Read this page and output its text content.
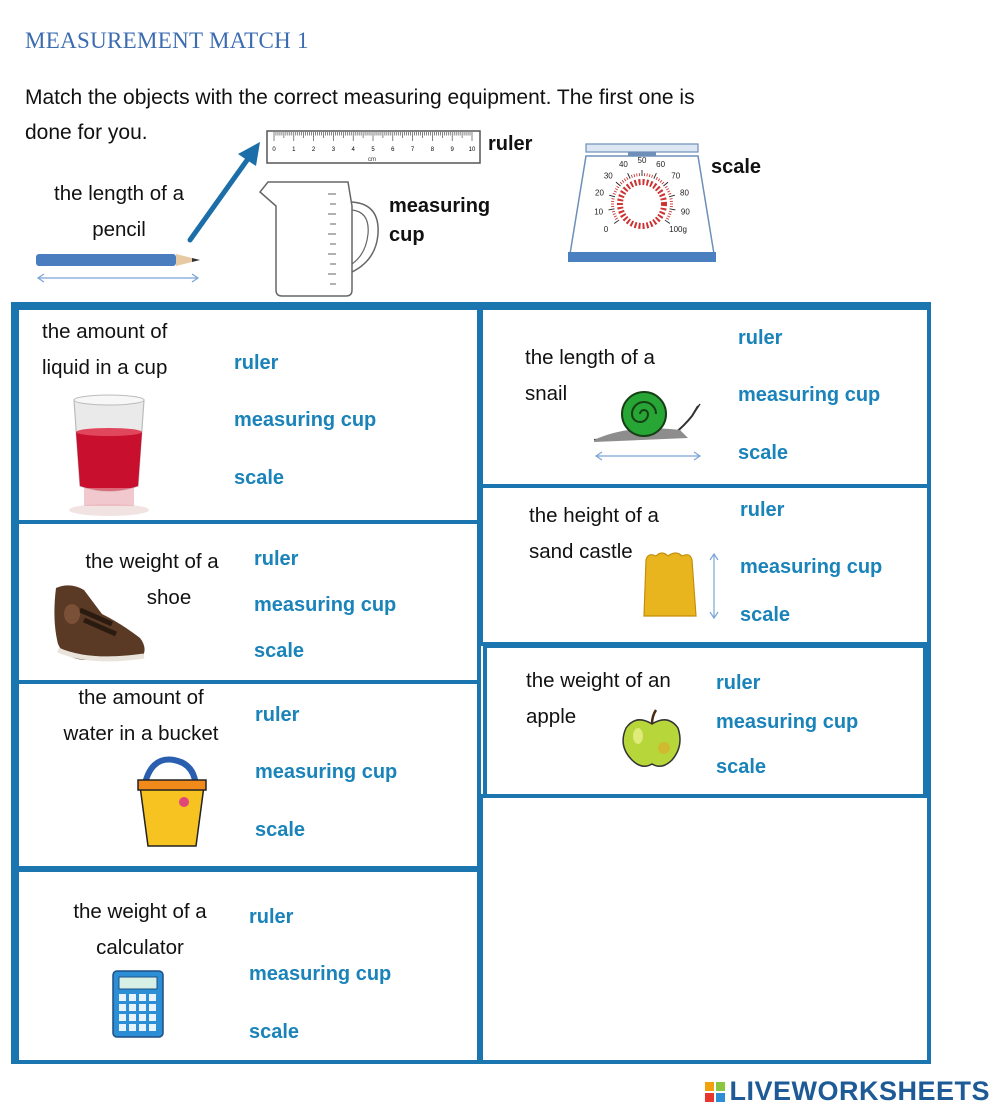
MEASUREMENT MATCH 1
Match the objects with the correct measuring equipment. The first one is
done for you.
the length of a
pencil
0	1	2	3	4	5	6	7	8	9 10
cm
ruler
measuring
cup	0
10
20
30
40 50 60
70
80
90
100g
scale
the amount of
liquid in a cup	ruler
measuring cup
scale
the weight of a
shoe
ruler
measuring cup
scale
the amount of
water in a bucket
ruler
measuring cup
scale
the weight of a
calculator
ruler
measuring cup
scale
the length of a
snail
ruler
measuring cup
scale
the height of a
sand castle
ruler
measuring cup
scale
the weight of an
apple
ruler
measuring cup
scale
LIVEWORKSHEETS
